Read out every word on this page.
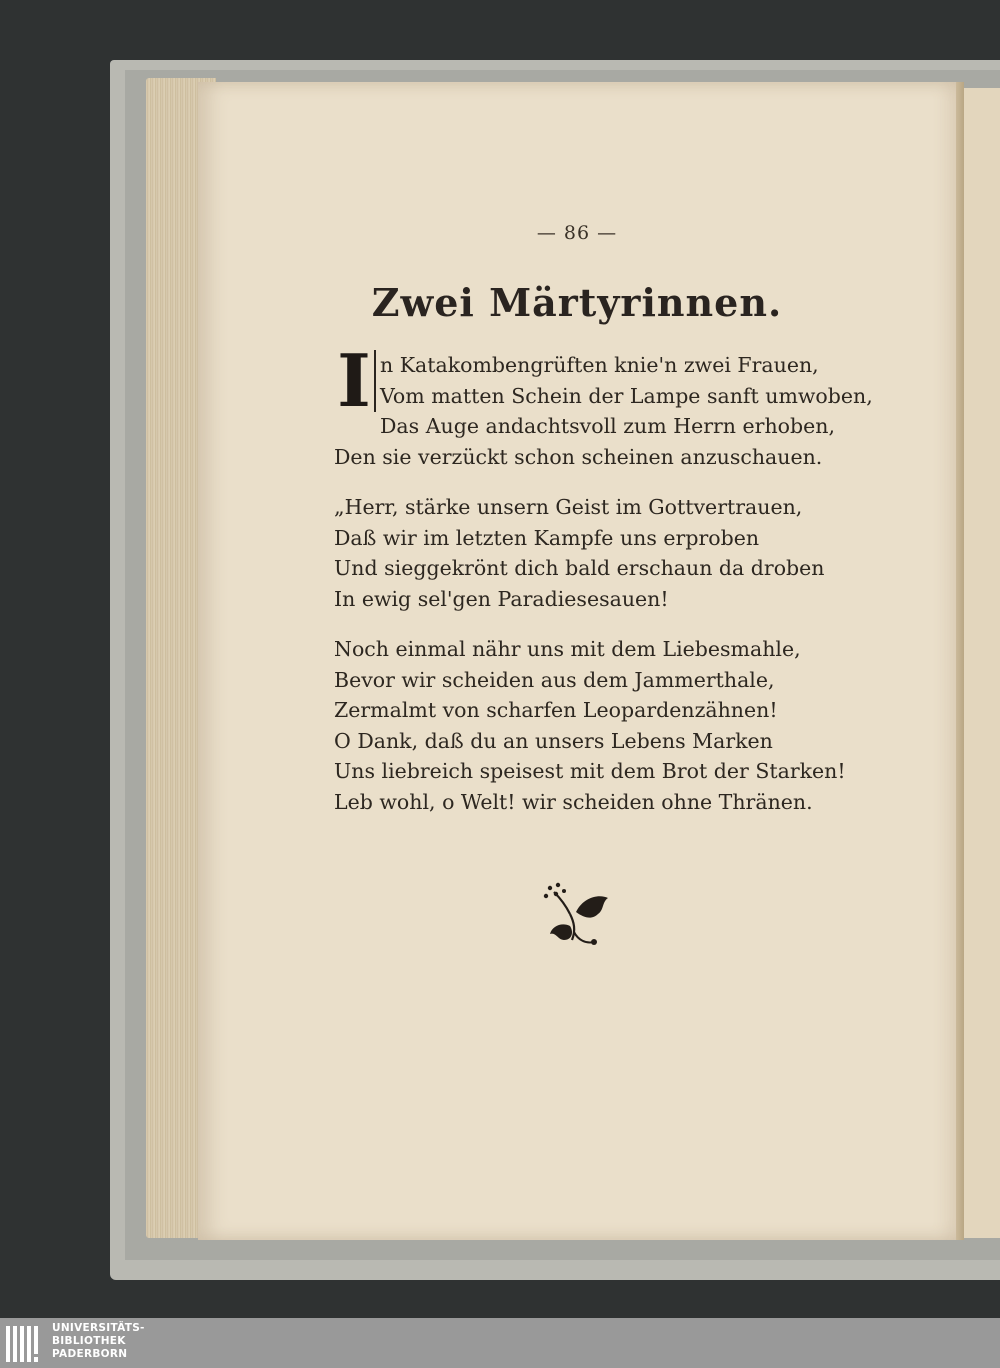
— 86 —
Zwei Märtyrinnen.
I n Katakombengrüften knie'n zwei Frauen,
Vom matten Schein der Lampe sanft umwoben,
Das Auge andachtsvoll zum Herrn erhoben,
Den sie verzückt schon scheinen anzuschauen.
„Herr, stärke unsern Geist im Gottvertrauen,
Daß wir im letzten Kampfe uns erproben
Und sieggekrönt dich bald erschaun da droben
In ewig sel'gen Paradiesesauen!
Noch einmal nähr uns mit dem Liebesmahle,
Bevor wir scheiden aus dem Jammerthale,
Zermalmt von scharfen Leopardenzähnen!
O Dank, daß du an unsers Lebens Marken
Uns liebreich speisest mit dem Brot der Starken!
Leb wohl, o Welt! wir scheiden ohne Thränen.
UNIVERSITÄTS-
BIBLIOTHEK
PADERBORN
